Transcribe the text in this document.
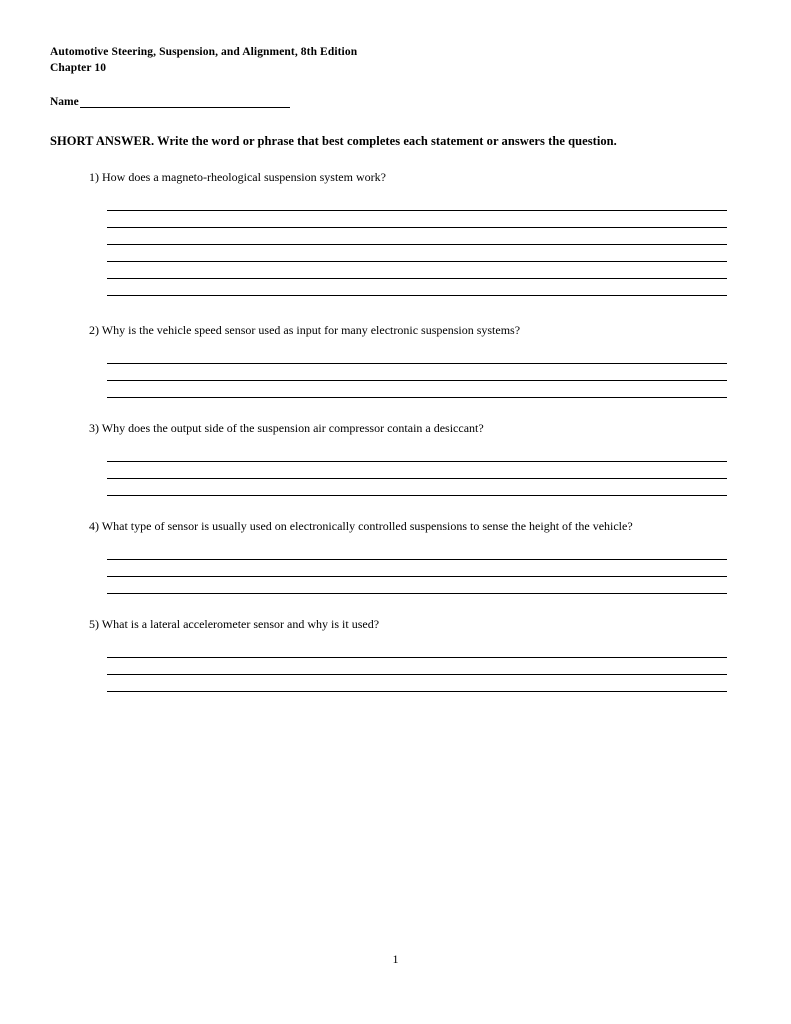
Automotive Steering, Suspension, and Alignment, 8th Edition
Chapter 10
Name
SHORT ANSWER. Write the word or phrase that best completes each statement or answers the question.
1) How does a magneto-rheological suspension system work?
2) Why is the vehicle speed sensor used as input for many electronic suspension systems?
3) Why does the output side of the suspension air compressor contain a desiccant?
4) What type of sensor is usually used on electronically controlled suspensions to sense the height of the vehicle?
5) What is a lateral accelerometer sensor and why is it used?
1
